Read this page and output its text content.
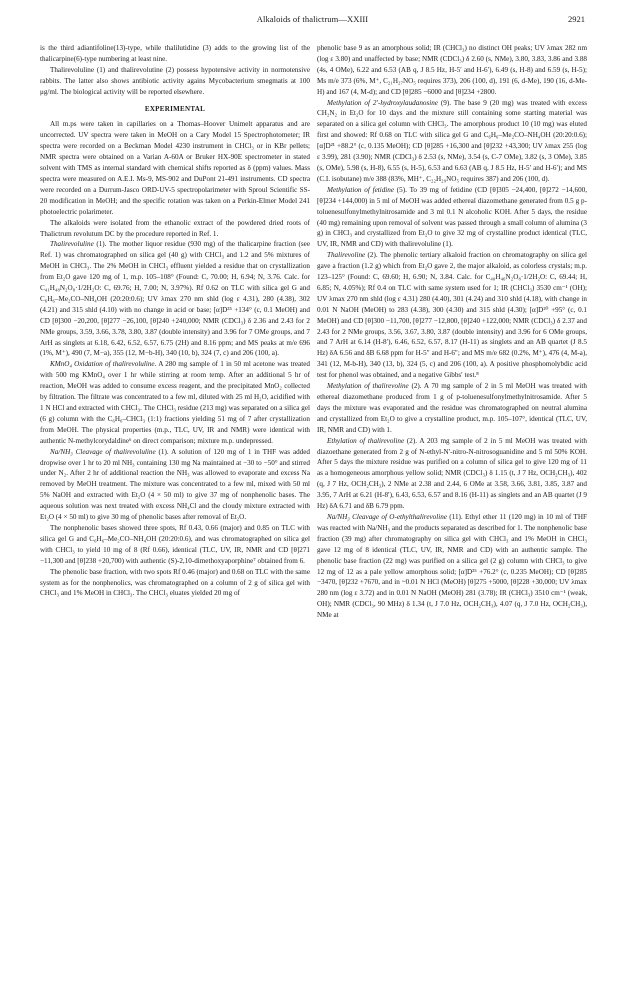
Alkaloids of thalictrum—XXIII	2921

is the third adiantifoline(13)-type, while thalilutidine (3) adds to the growing list of the thalicarpine(6)-type numbering at least nine.

Thalirevoluline (1) and thalirevolutine (2) possess hypotensive activity in normotensive rabbits. The latter also shows antibiotic activity agains Mycobacterium smegmatis at 100 μg/ml. The biological activity will be reported elsewhere.

EXPERIMENTAL

All m.ps were taken in capillaries on a Thomas–Hoover Unimelt apparatus and are uncorrected. UV spectra were taken in MeOH on a Cary Model 15 Spectrophotometer; IR spectra were recorded on a Beckman Model 4230 instrument in CHCl₃ or in KBr pellets; NMR spectra were obtained on a Varian A-60A or Bruker HX-90E spectrometer in stated solvent with TMS as internal standard with chemical shifts reported as δ (ppm) values. Mass spectra were measured on A.E.I. Ms-9, MS-902 and DuPont 21-491 instruments. CD spectra were recorded on a Durrum-Jasco ORD-UV-5 spectropolarimeter with Sproul Scientific SS-20 modification in MeOH; and the specific rotation was taken on a Perkin-Elmer Model 241 photoelectric polarimeter.

The alkaloids were isolated from the ethanolic extract of the powdered dried roots of Thalictrum revolutum DC by the procedure reported in Ref. 1.

Thalirevoluline (1). The mother liquor residue (930 mg) of the thalicarpine fraction (see Ref. 1) was chromatographed on silica gel (40 g) with CHCl₃ and 1.2 and 5% mixtures of MeOH in CHCl₃. The 2% MeOH in CHCl₃ effluent yielded a residue that on crystallization from Et₂O gave 120 mg of 1, m.p. 105–108° (Found: C, 70.00; H, 6.94; N, 3.76. Calc. for C₄₁H₄₈N₂O₈·1/2H₂O: C, 69.76; H, 7.00; N, 3.97%). Rf 0.62 on TLC with silica gel G and C₆H₆–Me₂CO–NH₄OH (20:20:0.6); UV λmax 270 nm shld (log ε 4.31), 280 (4.38), 302 (4.21) and 315 shld (4.10) with no change in acid or base; [α]D²⁵ +134° (c, 0.1 MeOH) and CD [θ]300 −20,200, [θ]277 −26,100, [θ]240 +240,000; NMR (CDCl₃) δ 2.36 and 2.43 for 2 NMe groups, 3.59, 3.66, 3.78, 3.80, 3.87 (double intensity) and 3.96 for 7 OMe groups, and 7 ArH as singlets at 6.18, 6.42, 6.52, 6.57, 6.75 (2H) and 8.16 ppm; and MS peaks at m/e 696 (1%, M⁺), 490 (7, M−a), 355 (12, M−b-H), 340 (10, b), 324 (7, c) and 206 (100, a).

KMnO₄ Oxidation of thalirevoluline. A 280 mg sample of 1 in 50 ml acetone was treated with 500 mg KMnO₄ over 1 hr while stirring at room temp. After an additional 5 hr of reaction, MeOH was added to consume excess reagent, and the precipitated MnO₂ collected by filtration. The filtrate was concentrated to a few ml, diluted with 25 ml H₂O, acidified with 1 N HCl and extracted with CHCl₃. The CHCl₃ residue (213 mg) was separated on a silica gel (6 g) column with the C₆H₆–CHCl₃ (1:1) fractions yielding 51 mg of 7 after crystallization from MeOH. The physical properties (m.p., TLC, UV, IR and NMR) were identical with authentic N-methylcorydaldine⁶ on direct comparison; mixture m.p. undepressed.

Na/NH₃ Cleavage of thalirevoluline (1). A solution of 120 mg of 1 in THF was added dropwise over 1 hr to 20 ml NH₃ containing 130 mg Na maintained at −30 to −50° and stirred under N₂. After 2 hr of additional reaction the NH₃ was allowed to evaporate and excess Na removed by MeOH treatment. The mixture was concentrated to a few ml, mixed with 50 ml 5% NaOH and extracted with Et₂O (4 × 50 ml) to give 37 mg of nonphenolic bases. The aqueous solution was next treated with excess NH₄Cl and the cloudy mixture extracted with Et₂O (4 × 50 ml) to give 30 mg of phenolic bases after removal of Et₂O.

The nonphenolic bases showed three spots, Rf 0.43, 0.66 (major) and 0.85 on TLC with silica gel G and C₆H₆–Me₂CO–NH₄OH (20:20:0.6), and was chromatographed on silica gel with CHCl₃ to yield 10 mg of 8 (Rf 0.66), identical (TLC, UV, IR, NMR and CD [θ]271 −11,300 and [θ]238 +20,700) with authentic (S)-2,10-dimethoxyaporphine⁷ obtained from 6.

The phenolic base fraction, with two spots Rf 0.46 (major) and 0.68 on TLC with the same system as for the nonphenolics, was chromatographed on a column of 2 g of silica gel with CHCl₃ and 1% MeOH in CHCl₃. The CHCl₃ eluates yielded 20 mg of

phenolic base 9 as an amorphous solid; IR (CHCl₃) no distinct OH peaks; UV λmax 282 nm (log ε 3.80) and unaffected by base; NMR (CDCl₃) δ 2.60 (s, NMe), 3.80, 3.83, 3.86 and 3.88 (4s, 4 OMe), 6.22 and 6.53 (AB q, J 8.5 Hz, H-5′ and H-6′), 6.49 (s, H-8) and 6.59 (s, H-5); Ms m/e 373 (6%, M⁺, C₂₁H₂₇NO₅ requires 373), 206 (100, d), 191 (6, d-Me), 190 (16, d-Me-H) and 167 (4, M-d); and CD [θ]285 −6000 and [θ]234 +2800.

Methylation of 2′-hydroxylaudanosine (9). The base 9 (20 mg) was treated with excess CH₂N₂ in Et₂O for 10 days and the mixture still containing some starting material was separated on a silica gel column with CHCl₃. The amorphous product 10 (10 mg) was eluted first and showed: Rf 0.68 on TLC with silica gel G and C₆H₆–Me₂CO–NH₄OH (20:20:0.6); [α]D²¹ +88.2° (c, 0.135 MeOH); CD [θ]285 +16,300 and [θ]232 +43,300; UV λmax 255 (log ε 3.99), 281 (3.90); NMR (CDCl₃) δ 2.53 (s, NMe), 3.54 (s, C-7 OMe), 3.82 (s, 3 OMe), 3.85 (s, OMe), 5.98 (s, H-8), 6.55 (s, H-5), 6.53 and 6.63 (AB q, J 8.5 Hz, H-5′ and H-6′); and MS (C.I. isobutane) m/e 388 (83%, MH⁺, C₂₂H₂₉NO₅ requires 387) and 206 (100, d).

Methylation of fetidine (5). To 39 mg of fetidine (CD [θ]305 −24,400, [θ]272 −14,600, [θ]234 +144,000) in 5 ml of MeOH was added ethereal diazomethane generated from 0.5 g p-toluenesulfonylmethylnitrosamide and 3 ml 0.1 N alcoholic KOH. After 5 days, the residue (40 mg) remaining upon removal of solvent was passed through a small column of alumina (3 g) in CHCl₃ and crystallized from Et₂O to give 32 mg of crystalline product identical (TLC, UV, IR, NMR and CD) with thalirevoluline (1).

Thalirevoline (2). The phenolic tertiary alkaloid fraction on chromatography on silica gel gave a fraction (1.2 g) which from Et₂O gave 2, the major alkaloid, as colorless crystals; m.p. 123–125° (Found: C, 69.60; H, 6.90; N, 3.84. Calc. for C₄₀H₄₆N₂O₈·1/2H₂O: C, 69.44; H, 6.85; N, 4.05%); Rf 0.4 on TLC with same system used for 1; IR (CHCl₃) 3530 cm⁻¹ (OH); UV λmax 270 nm shld (log ε 4.31) 280 (4.40), 301 (4.24) and 310 shld (4.18), with change in 0.01 N NaOH (MeOH) to 283 (4.38), 300 (4.30) and 315 shld (4.30); [α]D²⁰ +95° (c, 0.1 MeOH) and CD [θ]300 −11,700, [θ]277 −12,800, [θ]240 +122,000; NMR (CDCl₃) δ 2.37 and 2.43 for 2 NMe groups, 3.56, 3.67, 3.80, 3.87 (double intensity) and 3.96 for 6 OMe groups, and 7 ArH at 6.14 (H-8′), 6.46, 6.52, 6.57, 8.17 (H-11) as singlets and an AB quartet (J 8.5 Hz) δA 6.56 and δB 6.68 ppm for H-5″ and H-6″; and MS m/e 682 (0.2%, M⁺), 476 (4, M-a), 341 (12, M-b-H), 340 (13, b), 324 (5, c) and 206 (100, a). A positive phosphomolybdic acid test for phenol was obtained, and a negative Gibbs′ test.⁸

Methylation of thalirevoline (2). A 70 mg sample of 2 in 5 ml MeOH was treated with ethereal diazomethane produced from 1 g of p-toluenesulfonylmethylnitrosamide. After 5 days the mixture was evaporated and the residue was chromatographed on neutral alumina and crystallized from Et₂O to give a crystalline product, m.p. 105–107°, identical (TLC, UV, IR, NMR and CD) with 1.

Ethylation of thalirevoline (2). A 203 mg sample of 2 in 5 ml MeOH was treated with diazoethane generated from 2 g of N-ethyl-N′-nitro-N-nitrosoguanidine and 5 ml 50% KOH. After 5 days the mixture residue was purified on a column of silica gel to give 120 mg of 11 as a homogeneous amorphous yellow solid; NMR (CDCl₃) δ 1.15 (t, J 7 Hz, OCH₂CH₃), 402 (q, J 7 Hz, OCH₂CH₃), 2 NMe at 2.38 and 2.44, 6 OMe at 3.58, 3.66, 3.81, 3.85, 3.87 and 3.95, 7 ArH at 6.21 (H-8′), 6.43, 6.53, 6.57 and 8.16 (H-11) as singlets and an AB quartet (J 9 Hz) δA 6.71 and δB 6.79 ppm.

Na/NH₃ Cleavage of O-ethylthalirevoline (11). Ethyl ether 11 (120 mg) in 10 ml of THF was reacted with Na/NH₃ and the products separated as described for 1. The nonphenolic base fraction (39 mg) after chromatography on silica gel with CHCl₃ and 1% MeOH in CHCl₃ gave 12 mg of 8 identical (TLC, UV, IR, NMR and CD) with an authentic sample. The phenolic base fraction (22 mg) was purified on a silica gel (2 g) column with CHCl₃ to give 12 mg of 12 as a pale yellow amorphous solid; [α]D²⁵ +76.2° (c, 0.235 MeOH); CD [θ]285 −3470, [θ]232 +7670, and in ~0.01 N HCl (MeOH) [θ]275 +5000, [θ]228 +30,000; UV λmax 280 nm (log ε 3.72) and in 0.01 N NaOH (MeOH) 281 (3.78); IR (CHCl₃) 3510 cm⁻¹ (weak, OH); NMR (CDCl₃, 90 MHz) δ 1.34 (t, J 7.0 Hz, OCH₂CH₃), 4.07 (q, J 7.0 Hz, OCH₂CH₃), NMe at
